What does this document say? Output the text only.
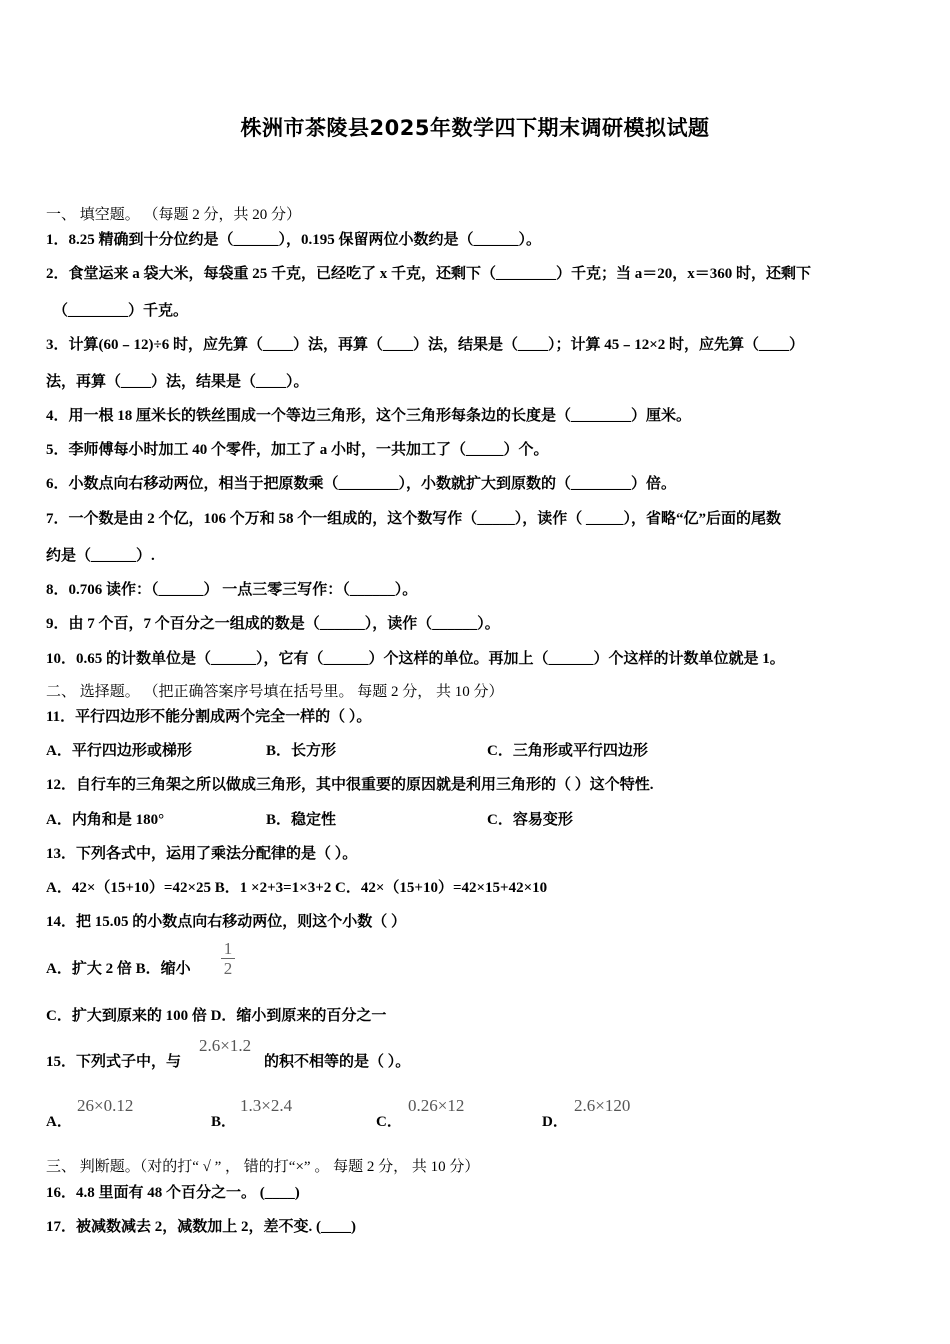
株洲市茶陵县2025年数学四下期末调研模拟试题
一、 填空题。 （每题 2 分，共 20 分）
1．8.25 精确到十分位约是（______），0.195 保留两位小数约是（______）。
2．食堂运来 a 袋大米，每袋重 25 千克，已经吃了 x 千克，还剩下（________）千克；当 a＝20，x＝360 时，还剩下
（________）千克。
3．计算(60﹣12)÷6 时，应先算（____）法，再算（____）法，结果是（____）；计算 45﹣12×2 时，应先算（____）
法，再算（____）法，结果是（____）。
4．用一根 18 厘米长的铁丝围成一个等边三角形，这个三角形每条边的长度是（________）厘米。
5．李师傅每小时加工 40 个零件，加工了 a 小时，一共加工了（_____）个。
6．小数点向右移动两位，相当于把原数乘（________），小数就扩大到原数的（________）倍。
7．一个数是由 2 个亿，106 个万和 58 个一组成的，这个数写作（_____），读作（ _____），省略“亿”后面的尾数
约是（______）.
8．0.706 读作：（______） 一点三零三写作：（______）。
9．由 7 个百，7 个百分之一组成的数是（______），读作（______）。
10．0.65 的计数单位是（______），它有（______）个这样的单位。再加上（______）个这样的计数单位就是 1。
二、 选择题。 （把正确答案序号填在括号里。 每题 2 分， 共 10 分）
11．平行四边形不能分割成两个完全一样的（ ）。
A．平行四边形或梯形	B．长方形	C．三角形或平行四边形
12．自行车的三角架之所以做成三角形，其中很重要的原因就是利用三角形的（ ）这个特性.
A．内角和是 180°	B．稳定性	C．容易变形
13．下列各式中，运用了乘法分配律的是（ ）。
A．42×（15+10）=42×25 B．1 ×2+3=1×3+2 C．42×（15+10）=42×15+42×10
14．把 15.05 的小数点向右移动两位，则这个小数（ ）
A．扩大 2 倍 B．缩小
1
2
C．扩大到原来的 100 倍 D．缩小到原来的百分之一
15．下列式子中，与
2.6×1.2
的积不相等的是（ ）。
A．
26×0.12
B．
1.3×2.4
C．
0.26×12
D．
2.6×120
三、 判断题。（对的打“ √ ” ， 错的打“×” 。 每题 2 分， 共 10 分）
16．4.8 里面有 48 个百分之一。 (____)
17．被减数减去 2，减数加上 2，差不变. (____)
